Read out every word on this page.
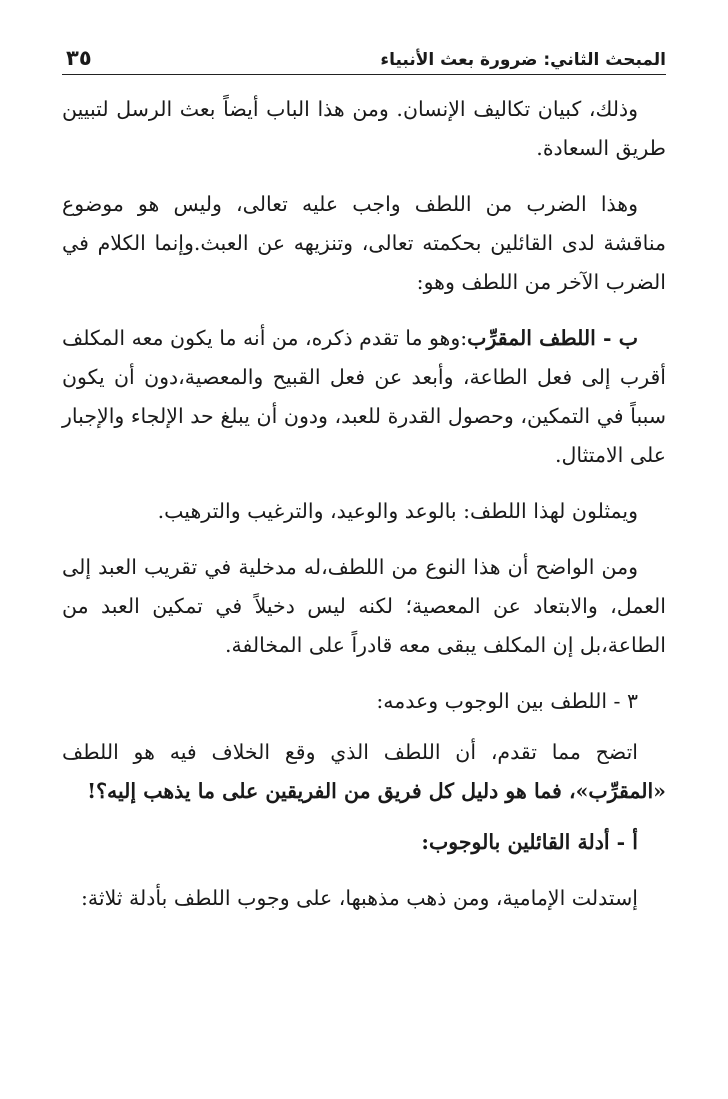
المبحث الثاني: ضرورة بعث الأنبياء
٣٥

وذلك، كبيان تكاليف الإنسان. ومن هذا الباب أيضاً بعث الرسل لتبيين طريق السعادة.

وهذا الضرب من اللطف واجب عليه تعالى، وليس هو موضوع مناقشة لدى القائلين بحكمته تعالى، وتنزيهه عن العبث.وإنما الكلام في الضرب الآخر من اللطف وهو:

ب - اللطف المقرِّب:وهو ما تقدم ذكره، من أنه ما يكون معه المكلف أقرب إلى فعل الطاعة، وأبعد عن فعل القبيح والمعصية،دون أن يكون سبباً في التمكين، وحصول القدرة للعبد، ودون أن يبلغ حد الإلجاء والإجبار على الامتثال.

ويمثلون لهذا اللطف: بالوعد والوعيد، والترغيب والترهيب.

ومن الواضح أن هذا النوع من اللطف،له مدخلية في تقريب العبد إلى العمل، والابتعاد عن المعصية؛ لكنه ليس دخيلاً في تمكين العبد من الطاعة،بل إن المكلف يبقى معه قادراً على المخالفة.

٣ - اللطف بين الوجوب وعدمه:

اتضح مما تقدم، أن اللطف الذي وقع الخلاف فيه هو اللطف «المقرِّب»، فما هو دليل كل فريق من الفريقين على ما يذهب إليه؟!

أ - أدلة القائلين بالوجوب:

إستدلت الإمامية، ومن ذهب مذهبها، على وجوب اللطف بأدلة ثلاثة:
